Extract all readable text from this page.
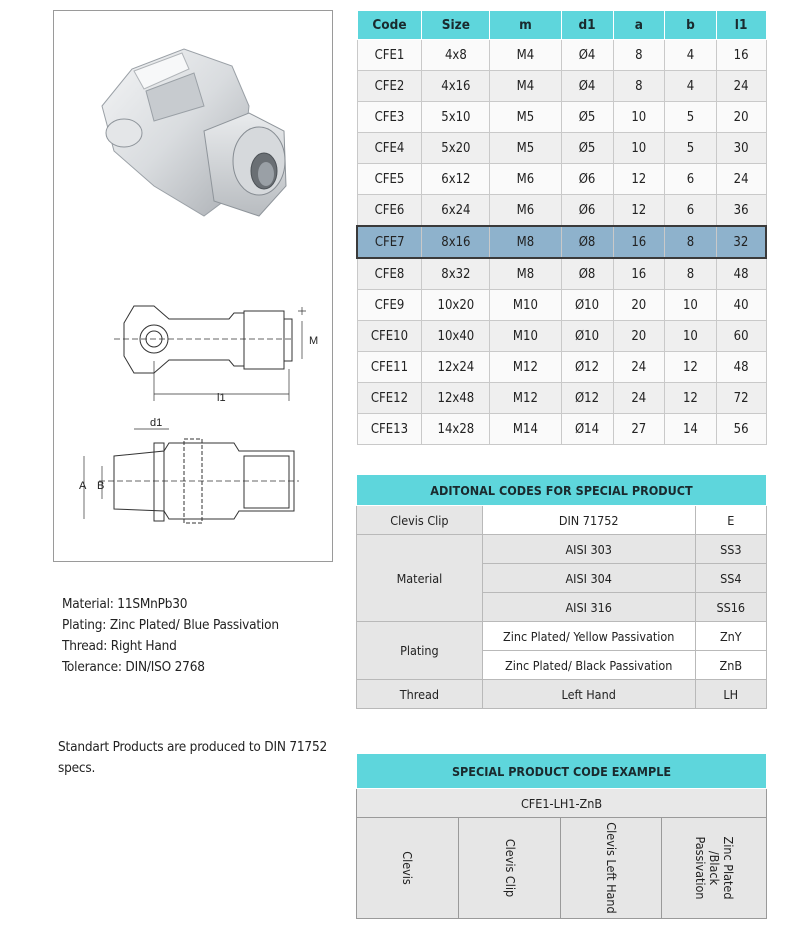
M
l1
d1
A B
Material: 11SMnPb30
Plating: Zinc Plated/ Blue Passivation
Thread: Right Hand
Tolerance: DIN/ISO 2768
Standart Products are produced to DIN 71752 specs.
Code	Size	m	d1	a	b	l1
CFE1	4x8	M4	Ø4	8	4	16
CFE2	4x16	M4	Ø4	8	4	24
CFE3	5x10	M5	Ø5	10	5	20
CFE4	5x20	M5	Ø5	10	5	30
CFE5	6x12	M6	Ø6	12	6	24
CFE6	6x24	M6	Ø6	12	6	36
CFE7	8x16	M8	Ø8	16	8	32
CFE8	8x32	M8	Ø8	16	8	48
CFE9	10x20	M10	Ø10	20	10	40
CFE10	10x40	M10	Ø10	20	10	60
CFE11	12x24	M12	Ø12	24	12	48
CFE12	12x48	M12	Ø12	24	12	72
CFE13	14x28	M14	Ø14	27	14	56
ADITONAL CODES FOR SPECIAL PRODUCT		
Clevis Clip	DIN 71752	E
Material	AISI 303	SS3
	AISI 304	SS4
	AISI 316	SS16
Plating	Zinc Plated/ Yellow Passivation	ZnY
	Zinc Plated/ Black Passivation	ZnB
Thread	Left Hand	LH
SPECIAL PRODUCT CODE EXAMPLE
CFE1-LH1-ZnB

Clevis	Clevis Clip	Clevis Left Hand	Zinc Plated /Black Passivation
